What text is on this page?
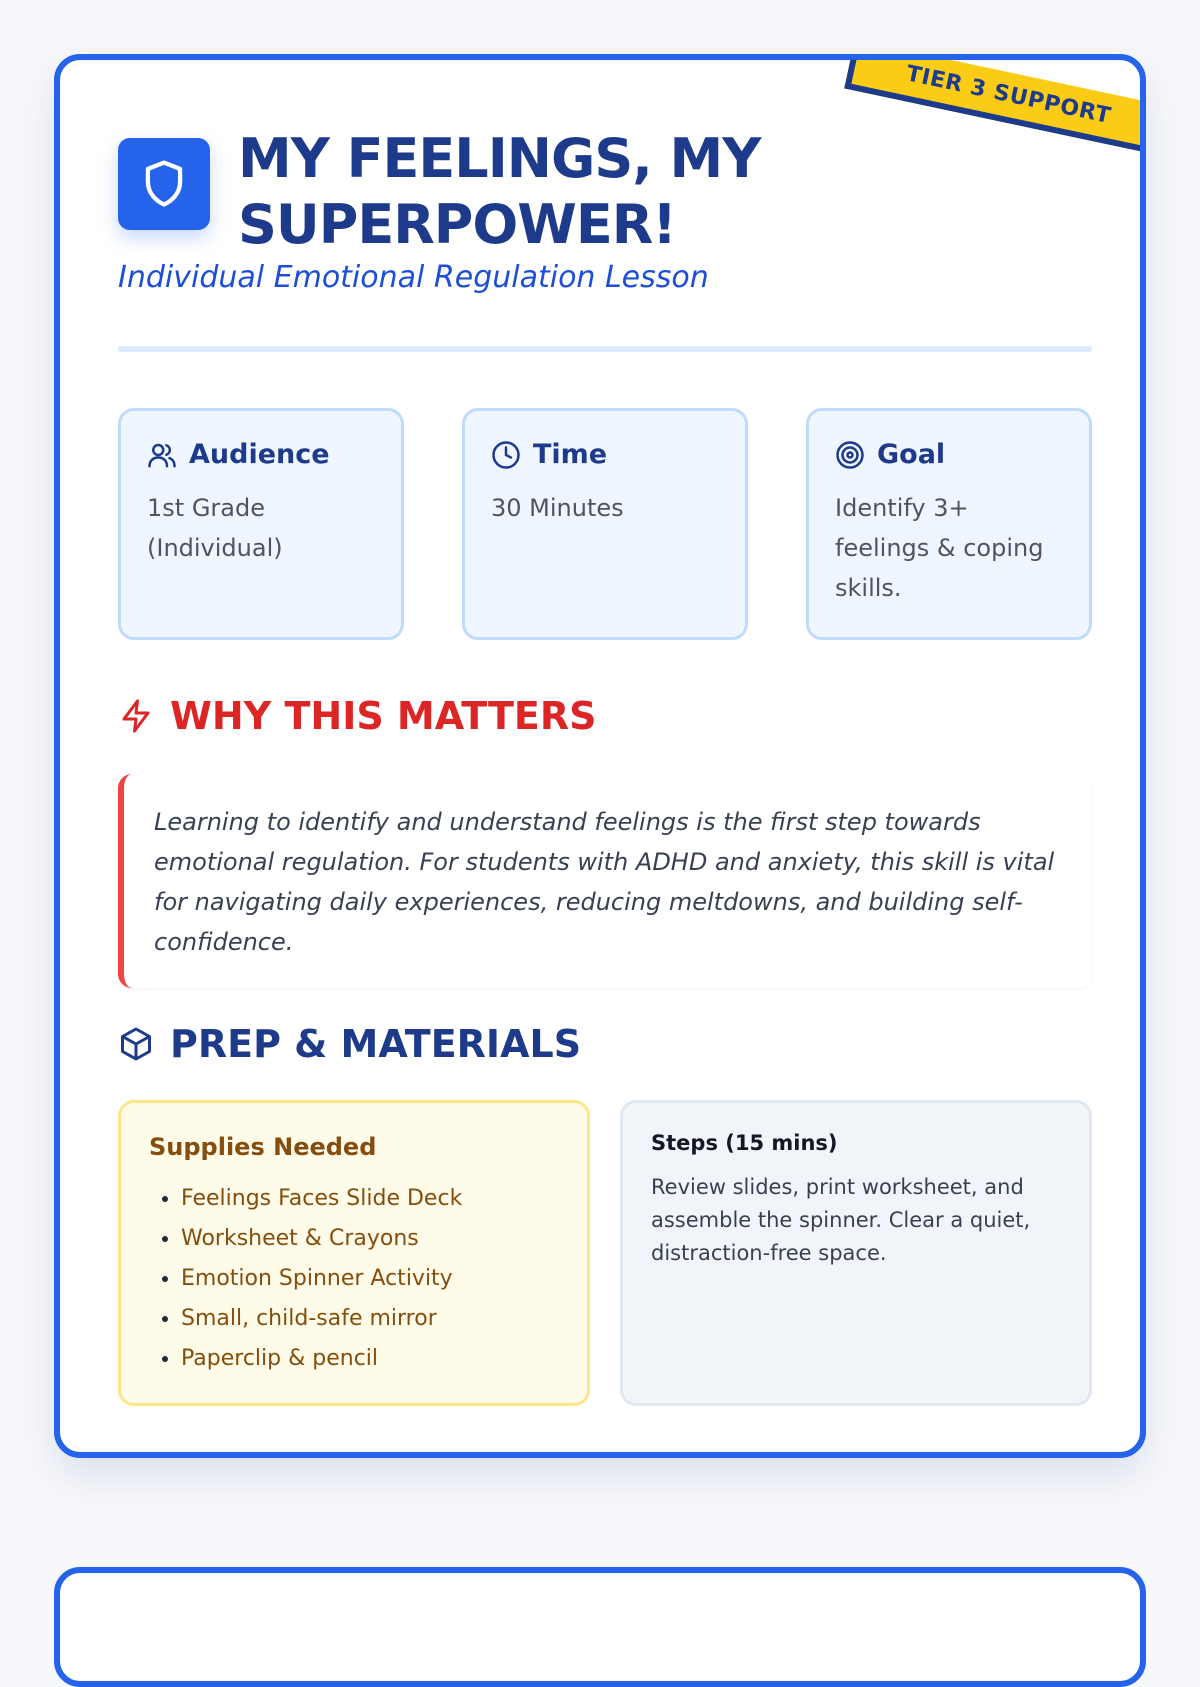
TIER 3 SUPPORT
MY FEELINGS, MY SUPERPOWER!
Individual Emotional Regulation Lesson
Audience
1st Grade (Individual)
Time
30 Minutes
Goal
Identify 3+ feelings & coping skills.
WHY THIS MATTERS
Learning to identify and understand feelings is the first step towards emotional regulation. For students with ADHD and anxiety, this skill is vital for navigating daily experiences, reducing meltdowns, and building self-confidence.
PREP & MATERIALS
Supplies Needed
• Feelings Faces Slide Deck
• Worksheet & Crayons
• Emotion Spinner Activity
• Small, child-safe mirror
• Paperclip & pencil
Steps (15 mins)
Review slides, print worksheet, and assemble the spinner. Clear a quiet, distraction-free space.
